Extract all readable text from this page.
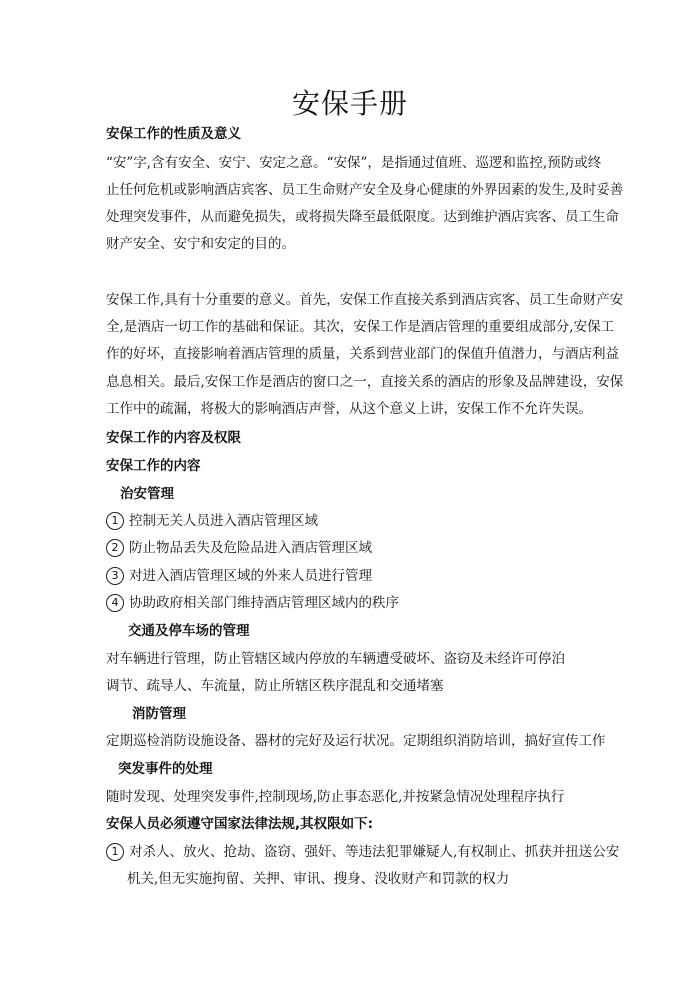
安保手册
安保工作的性质及意义
“安”字,含有安全、安宁、安定之意。“安保”，是指通过值班、巡逻和监控,预防或终
止任何危机或影响酒店宾客、员工生命财产安全及身心健康的外界因素的发生,及时妥善
处理突发事件，从而避免损失，或将损失降至最低限度。达到维护酒店宾客、员工生命
财产安全、安宁和安定的目的。
安保工作,具有十分重要的意义。首先，安保工作直接关系到酒店宾客、员工生命财产安
全,是酒店一切工作的基础和保证。其次，安保工作是酒店管理的重要组成部分,安保工
作的好坏，直接影响着酒店管理的质量，关系到营业部门的保值升值潜力，与酒店利益
息息相关。最后,安保工作是酒店的窗口之一，直接关系的酒店的形象及品牌建设，安保
工作中的疏漏，将极大的影响酒店声誉，从这个意义上讲，安保工作不允许失误。
安保工作的内容及权限
安保工作的内容
治安管理
1 控制无关人员进入酒店管理区域
2 防止物品丢失及危险品进入酒店管理区域
3 对进入酒店管理区域的外来人员进行管理
4 协助政府相关部门维持酒店管理区域内的秩序
交通及停车场的管理
对车辆进行管理，防止管辖区域内停放的车辆遭受破坏、盗窃及未经许可停泊
调节、疏导人、车流量，防止所辖区秩序混乱和交通堵塞
消防管理
定期巡检消防设施设备、器材的完好及运行状况。定期组织消防培训，搞好宣传工作
突发事件的处理
随时发现、处理突发事件,控制现场,防止事态恶化,并按紧急情况处理程序执行
安保人员必须遵守国家法律法规,其权限如下:
1 对杀人、放火、抢劫、盗窃、强奸、等违法犯罪嫌疑人,有权制止、抓获并扭送公安
机关,但无实施拘留、关押、审讯、搜身、没收财产和罚款的权力
